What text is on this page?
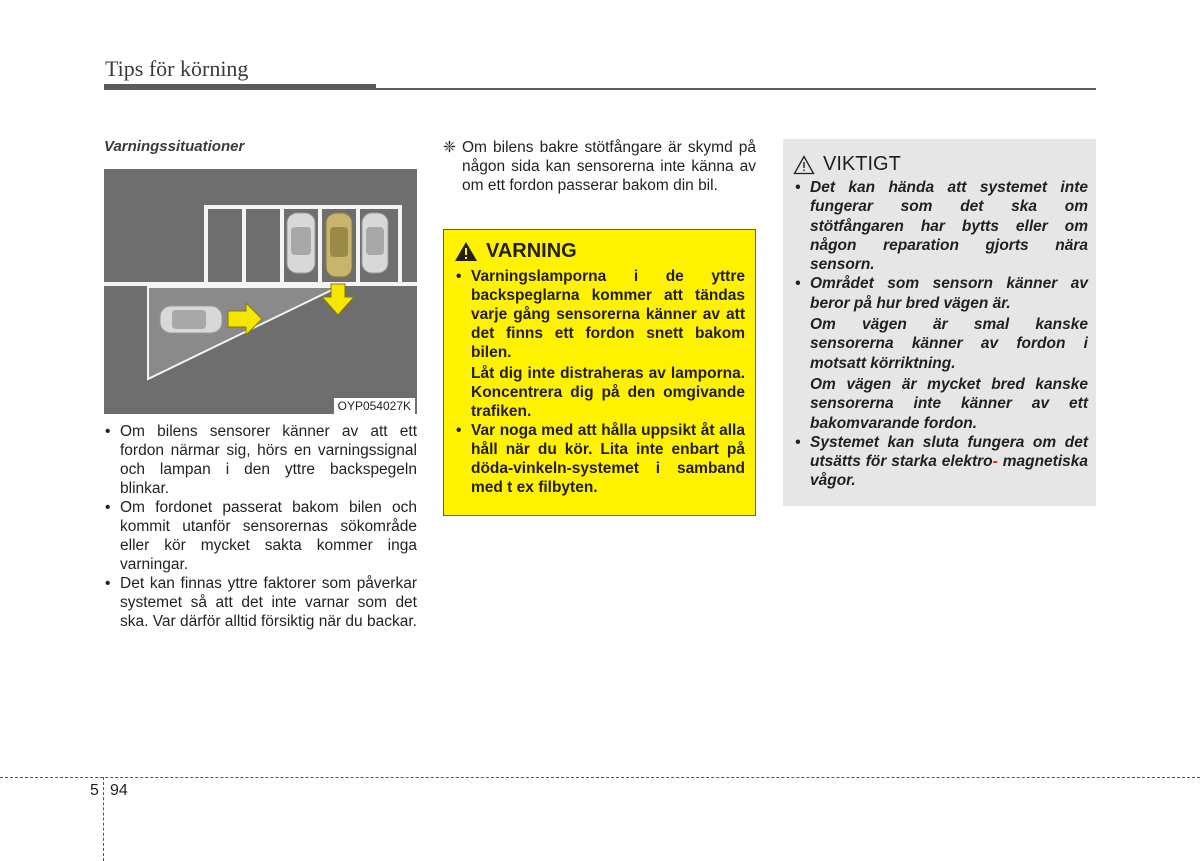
Tips för körning
Varningssituationer
OYP054027K
• Om bilens sensorer känner av att ett fordon närmar sig, hörs en varningssignal och lampan i den yttre backspegeln blinkar.
• Om fordonet passerat bakom bilen och kommit utanför sensorernas sökområde eller kör mycket sakta kommer inga varningar.
• Det kan finnas yttre faktorer som påverkar systemet så att det inte varnar som det ska. Var därför alltid försiktig när du backar.
❈ Om bilens bakre stötfångare är skymd på någon sida kan sensorerna inte känna av om ett fordon passerar bakom din bil.

VARNING
• Varningslamporna i de yttre backspeglarna kommer att tändas varje gång sensorerna känner av att det finns ett fordon snett bakom bilen.

Låt dig inte distraheras av lamporna. Koncentrera dig på den omgivande trafiken.

• Var noga med att hålla uppsikt åt alla håll när du kör. Lita inte enbart på döda-vinkeln-systemet i samband med t ex filbyten.

VIKTIGT
• Det kan hända att systemet inte fungerar som det ska om stötfångaren har bytts eller om någon reparation gjorts nära sensorn.

• Området som sensorn känner av beror på hur bred vägen är.

Om vägen är smal kanske sensorerna känner av fordon i motsatt körriktning.

Om vägen är mycket bred kanske sensorerna inte känner av ett bakomvarande fordon.

• Systemet kan sluta fungera om det utsätts för starka elektro- magnetiska vågor.

5 94
